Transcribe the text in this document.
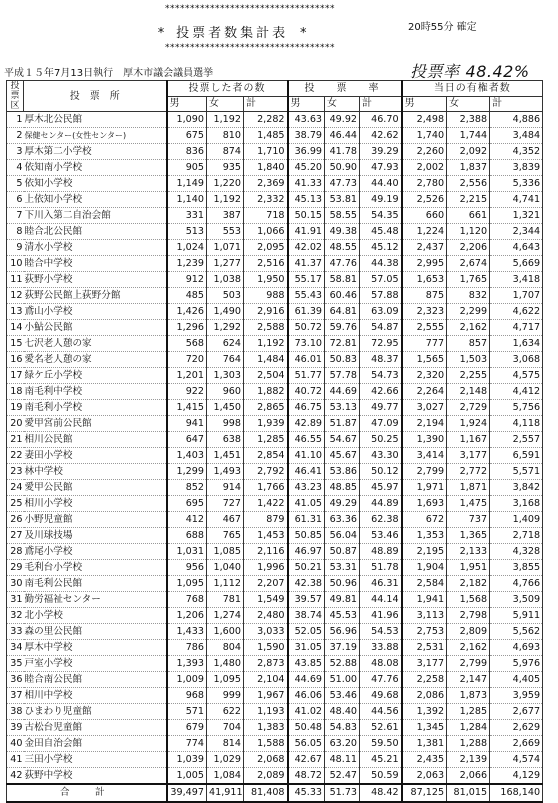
**********************************
* 投票者数集計表 *
**********************************
20時55分 確定
平成１５年7月13日執行　厚木市議会議員選挙	投票率 48.42%
投票区	投　票　所	投票した者の数			投　票　率			当日の有権者数		
		男	女	計	男	女	計	男	女	計
1	厚木北公民館	1,090	1,192	2,282	43.63	49.92	46.70	2,498	2,388	4,886
2	保健センター(女性センター)	675	810	1,485	38.79	46.44	42.62	1,740	1,744	3,484
3	厚木第二小学校	836	874	1,710	36.99	41.78	39.29	2,260	2,092	4,352
4	依知南小学校	905	935	1,840	45.20	50.90	47.93	2,002	1,837	3,839
5	依知小学校	1,149	1,220	2,369	41.33	47.73	44.40	2,780	2,556	5,336
6	上依知小学校	1,140	1,192	2,332	45.13	53.81	49.19	2,526	2,215	4,741
7	下川入第二自治会館	331	387	718	50.15	58.55	54.35	660	661	1,321
8	睦合北公民館	513	553	1,066	41.91	49.38	45.48	1,224	1,120	2,344
9	清水小学校	1,024	1,071	2,095	42.02	48.55	45.12	2,437	2,206	4,643
10	睦合中学校	1,239	1,277	2,516	41.37	47.76	44.38	2,995	2,674	5,669
11	荻野小学校	912	1,038	1,950	55.17	58.81	57.05	1,653	1,765	3,418
12	荻野公民館上荻野分館	485	503	988	55.43	60.46	57.88	875	832	1,707
13	鳶山小学校	1,426	1,490	2,916	61.39	64.81	63.09	2,323	2,299	4,622
14	小鮎公民館	1,296	1,292	2,588	50.72	59.76	54.87	2,555	2,162	4,717
15	七沢老人憩の家	568	624	1,192	73.10	72.81	72.95	777	857	1,634
16	愛名老人憩の家	720	764	1,484	46.01	50.83	48.37	1,565	1,503	3,068
17	緑ケ丘小学校	1,201	1,303	2,504	51.77	57.78	54.73	2,320	2,255	4,575
18	南毛利中学校	922	960	1,882	40.72	44.69	42.66	2,264	2,148	4,412
19	南毛利小学校	1,415	1,450	2,865	46.75	53.13	49.77	3,027	2,729	5,756
20	愛甲宮前公民館	941	998	1,939	42.89	51.87	47.09	2,194	1,924	4,118
21	相川公民館	647	638	1,285	46.55	54.67	50.25	1,390	1,167	2,557
22	妻田小学校	1,403	1,451	2,854	41.10	45.67	43.30	3,414	3,177	6,591
23	林中学校	1,299	1,493	2,792	46.41	53.86	50.12	2,799	2,772	5,571
24	愛甲公民館	852	914	1,766	43.23	48.85	45.97	1,971	1,871	3,842
25	相川小学校	695	727	1,422	41.05	49.29	44.89	1,693	1,475	3,168
26	小野児童館	412	467	879	61.31	63.36	62.38	672	737	1,409
27	及川球技場	688	765	1,453	50.85	56.04	53.46	1,353	1,365	2,718
28	鳶尾小学校	1,031	1,085	2,116	46.97	50.87	48.89	2,195	2,133	4,328
29	毛利台小学校	956	1,040	1,996	50.21	53.31	51.78	1,904	1,951	3,855
30	南毛利公民館	1,095	1,112	2,207	42.38	50.96	46.31	2,584	2,182	4,766
31	勤労福祉センター	768	781	1,549	39.57	49.81	44.14	1,941	1,568	3,509
32	北小学校	1,206	1,274	2,480	38.74	45.53	41.96	3,113	2,798	5,911
33	森の里公民館	1,433	1,600	3,033	52.05	56.96	54.53	2,753	2,809	5,562
34	厚木中学校	786	804	1,590	31.05	37.19	33.88	2,531	2,162	4,693
35	戸室小学校	1,393	1,480	2,873	43.85	52.88	48.08	3,177	2,799	5,976
36	睦合南公民館	1,009	1,095	2,104	44.69	51.00	47.76	2,258	2,147	4,405
37	相川中学校	968	999	1,967	46.06	53.46	49.68	2,086	1,873	3,959
38	ひまわり児童館	571	622	1,193	41.02	48.40	44.56	1,392	1,285	2,677
39	古松台児童館	679	704	1,383	50.48	54.83	52.61	1,345	1,284	2,629
40	金田自治会館	774	814	1,588	56.05	63.20	59.50	1,381	1,288	2,669
41	三田小学校	1,039	1,029	2,068	42.67	48.11	45.21	2,435	2,139	4,574
42	荻野中学校	1,005	1,084	2,089	48.72	52.47	50.59	2,063	2,066	4,129
合　計		39,497	41,911	81,408	45.33	51.73	48.42	87,125	81,015	168,140
